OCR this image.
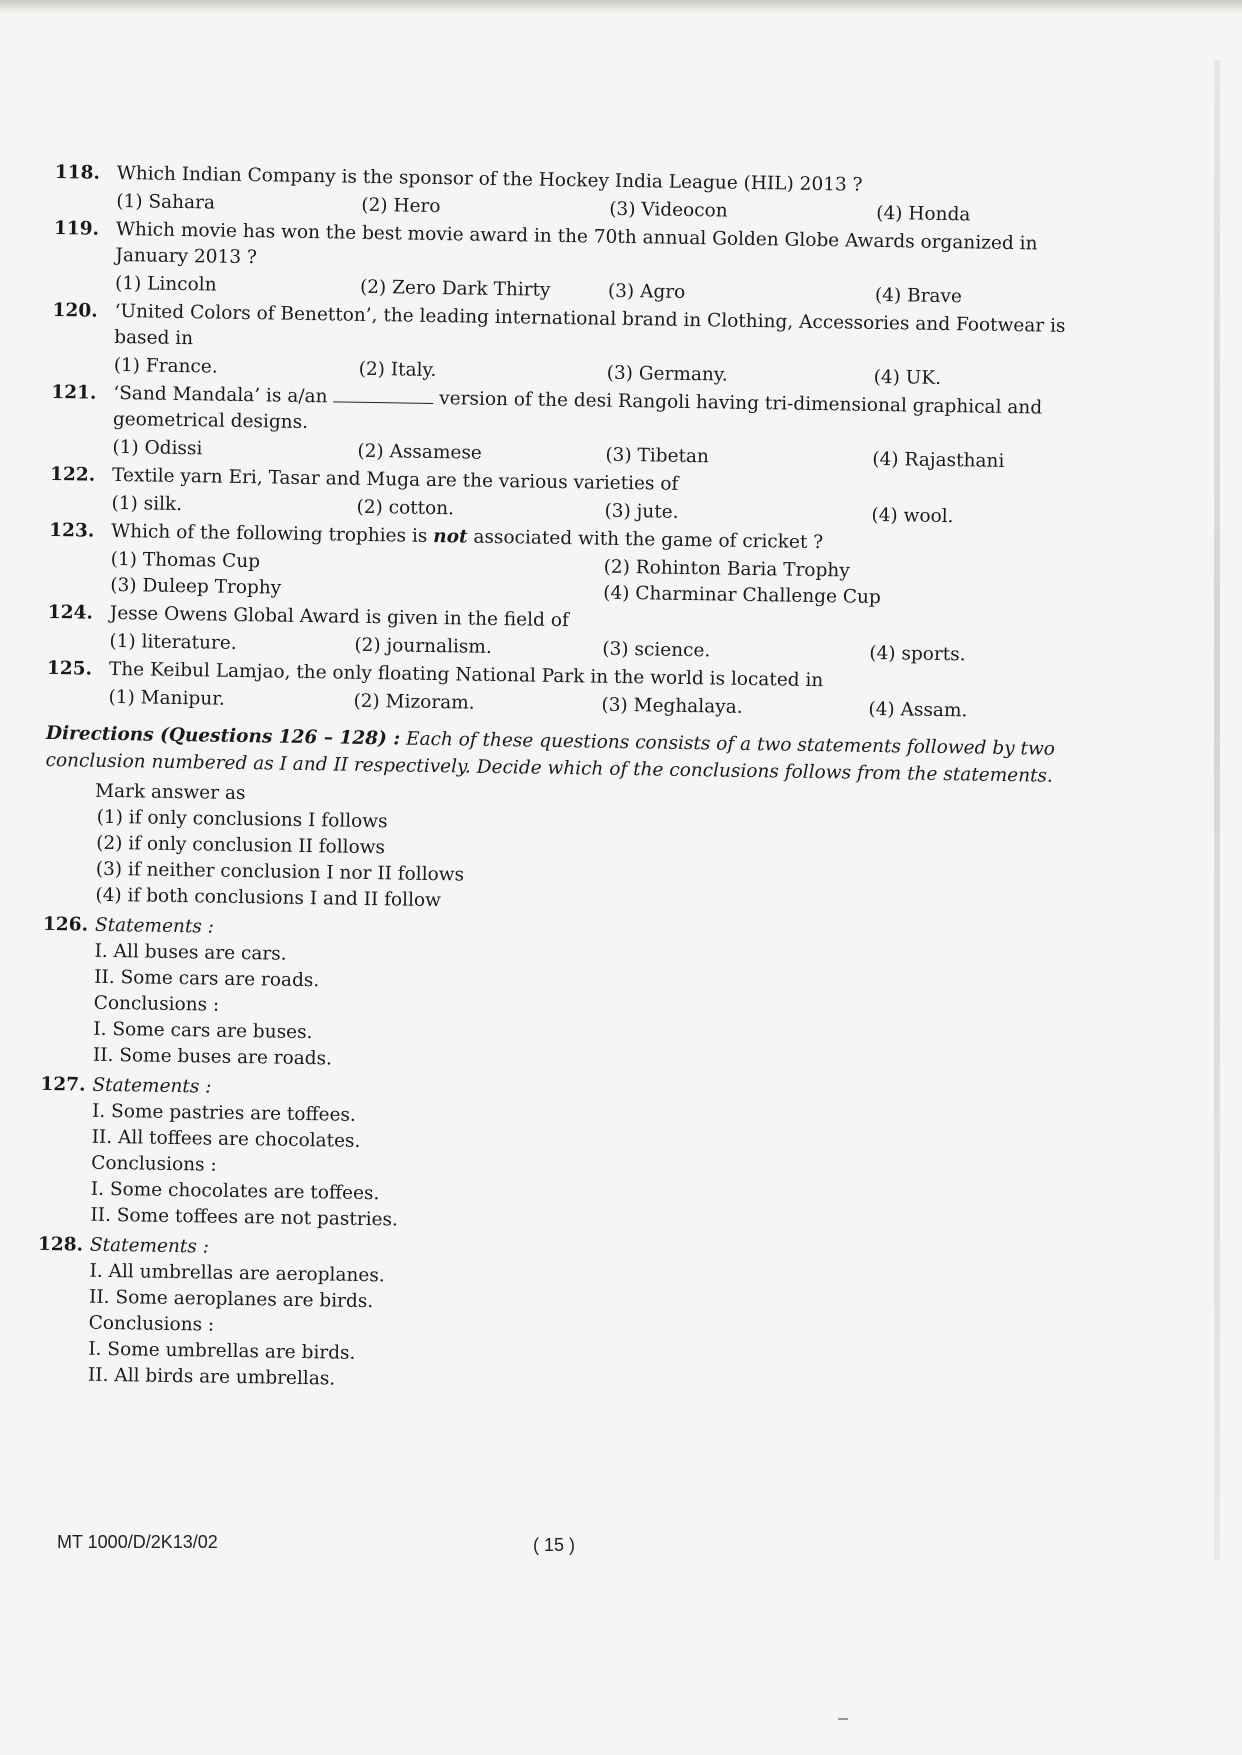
118. Which Indian Company is the sponsor of the Hockey India League (HIL) 2013 ?
(1) Sahara	(2) Hero	(3) Videocon	(4) Honda
119. Which movie has won the best movie award in the 70th annual Golden Globe Awards organized in January 2013 ?
(1) Lincoln	(2) Zero Dark Thirty	(3) Agro	(4) Brave
120. ‘United Colors of Benetton’, the leading international brand in Clothing, Accessories and Footwear is based in
(1) France.	(2) Italy.	(3) Germany.	(4) UK.
121. ‘Sand Mandala’ is a/an	version of the desi Rangoli having tri-dimensional graphical and geometrical designs.
(1) Odissi	(2) Assamese	(3) Tibetan	(4) Rajasthani
122. Textile yarn Eri, Tasar and Muga are the various varieties of
(1) silk.	(2) cotton.	(3) jute.	(4) wool.
123. Which of the following trophies is not associated with the game of cricket ?
(1) Thomas Cup	(2) Rohinton Baria Trophy
(3) Duleep Trophy	(4) Charminar Challenge Cup
124. Jesse Owens Global Award is given in the field of
(1) literature.	(2) journalism.	(3) science.	(4) sports.
125. The Keibul Lamjao, the only floating National Park in the world is located in
(1) Manipur.	(2) Mizoram.	(3) Meghalaya.	(4) Assam.
Directions (Questions 126 – 128) : Each of these questions consists of a two statements followed by two conclusion numbered as I and II respectively. Decide which of the conclusions follows from the statements.
Mark answer as
(1) if only conclusions I follows
(2) if only conclusion II follows
(3) if neither conclusion I nor II follows
(4) if both conclusions I and II follow
126. Statements :
I. All buses are cars.
II. Some cars are roads.
Conclusions :
I. Some cars are buses.
II. Some buses are roads.
127. Statements :
I. Some pastries are toffees.
II. All toffees are chocolates.
Conclusions :
I. Some chocolates are toffees.
II. Some toffees are not pastries.
128. Statements :
I. All umbrellas are aeroplanes.
II. Some aeroplanes are birds.
Conclusions :
I. Some umbrellas are birds.
II. All birds are umbrellas.
MT 1000/D/2K13/02	( 15 )
